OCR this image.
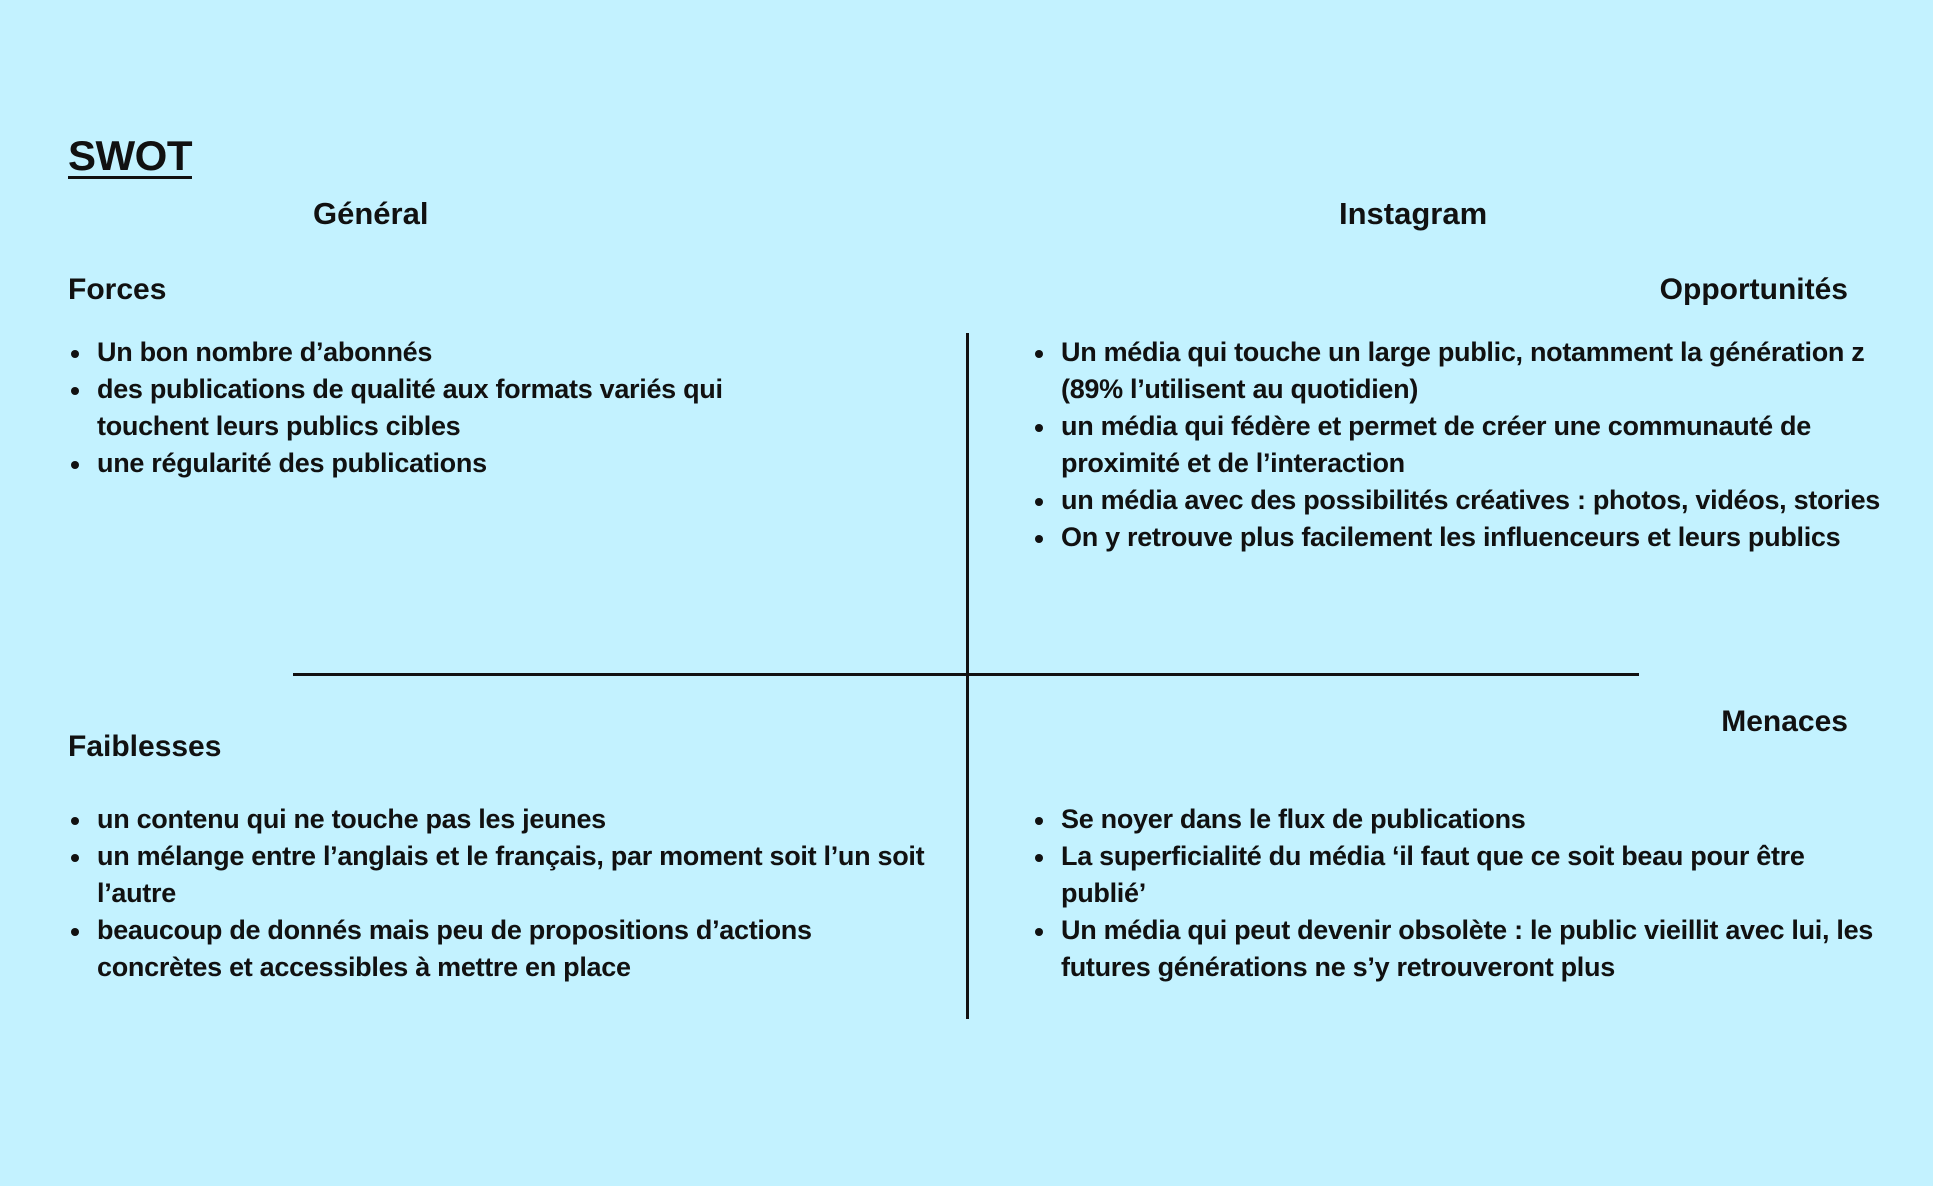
SWOT
Général	Instagram
Forces
Un bon nombre d’abonnés
des publications de qualité aux formats variés qui touchent leurs publics cibles
une régularité des publications
Opportunités
Un média qui touche un large public, notamment la génération z (89% l’utilisent au quotidien)
un média qui fédère et permet de créer une communauté de proximité et de l’interaction
un média avec des possibilités créatives : photos, vidéos, stories
On y retrouve plus facilement les influenceurs et leurs publics
Faiblesses
un contenu qui ne touche pas les jeunes
un mélange entre l’anglais et le français, par moment soit l’un soit l’autre
beaucoup de donnés mais peu de propositions d’actions concrètes et accessibles à mettre en place
Menaces
Se noyer dans le flux de publications
La superficialité du média ‘il faut que ce soit beau pour être publié’
Un média qui peut devenir obsolète : le public vieillit avec lui, les futures générations ne s’y retrouveront plus
